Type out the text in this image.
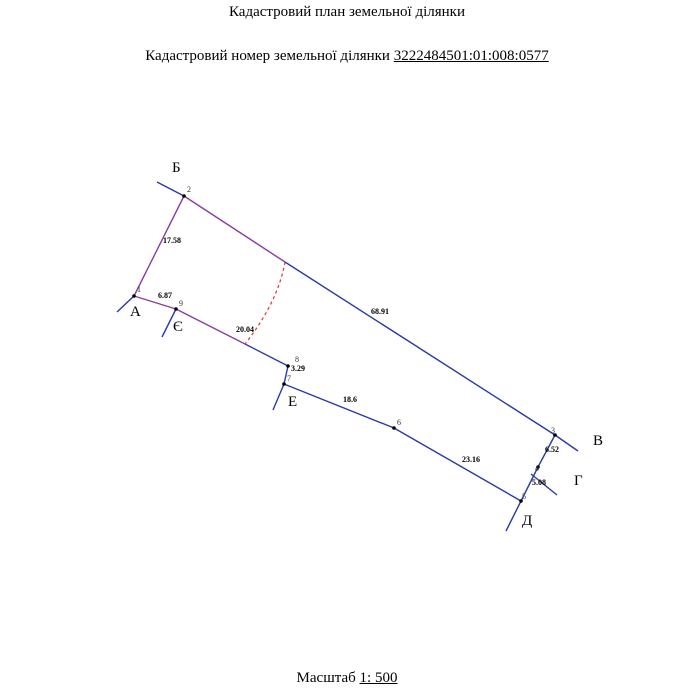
Кадастровий план земельної ділянки
Кадастровий номер земельної ділянки 3222484501:01:008:0577
1
2
3
4
5
6
7
8
9
17.58
68.91
6.52
5.08
23.16
18.6
3.29
20.04
6.87
Б
В
Г
Д
Е
Є
А
Масштаб 1: 500
